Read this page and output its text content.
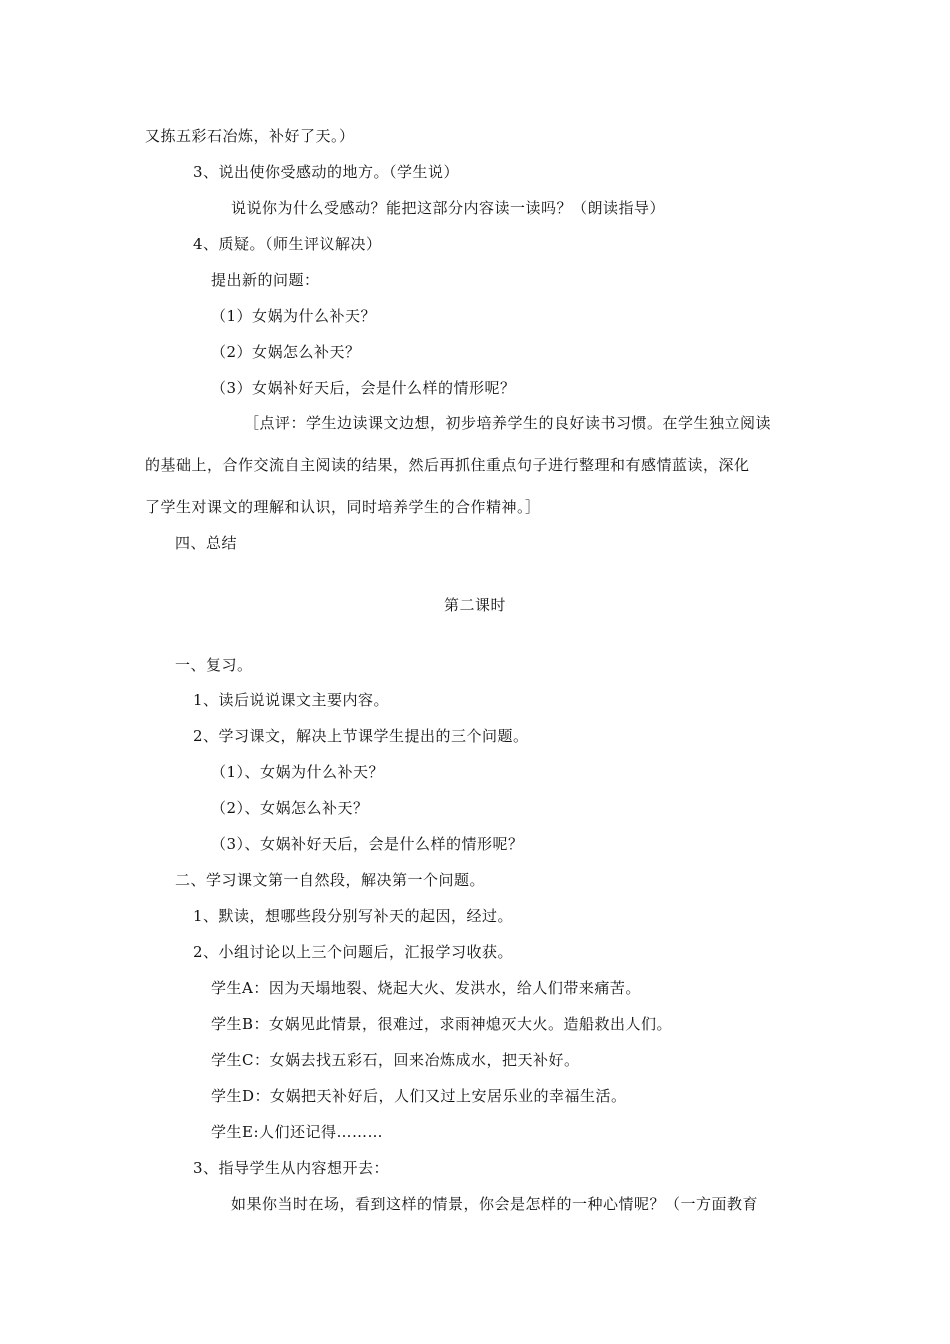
又拣五彩石冶炼，补好了天。）
3、说出使你受感动的地方。（学生说）
说说你为什么受感动？能把这部分内容读一读吗？（朗读指导）
4、质疑。（师生评议解决）
提出新的问题：
（1）女娲为什么补天？
（2）女娲怎么补天？
（3）女娲补好天后，会是什么样的情形呢？
［点评：学生边读课文边想，初步培养学生的良好读书习惯。在学生独立阅读
的基础上，合作交流自主阅读的结果，然后再抓住重点句子进行整理和有感情蓝读，深化
了学生对课文的理解和认识，同时培养学生的合作精神。］
四、总结
第二课时
一、复习。
1、读后说说课文主要内容。
2、学习课文，解决上节课学生提出的三个问题。
（1）、女娲为什么补天？
（2）、女娲怎么补天？
（3）、女娲补好天后，会是什么样的情形呢？
二、学习课文第一自然段，解决第一个问题。
1、默读，想哪些段分别写补天的起因，经过。
2、小组讨论以上三个问题后，汇报学习收获。
学生A：因为天塌地裂、烧起大火、发洪水，给人们带来痛苦。
学生B：女娲见此情景，很难过，求雨神熄灭大火。造船救出人们。
学生C：女娲去找五彩石，回来冶炼成水，把天补好。
学生D：女娲把天补好后，人们又过上安居乐业的幸福生活。
学生E:人们还记得………
3、指导学生从内容想开去：
如果你当时在场，看到这样的情景，你会是怎样的一种心情呢？（一方面教育
